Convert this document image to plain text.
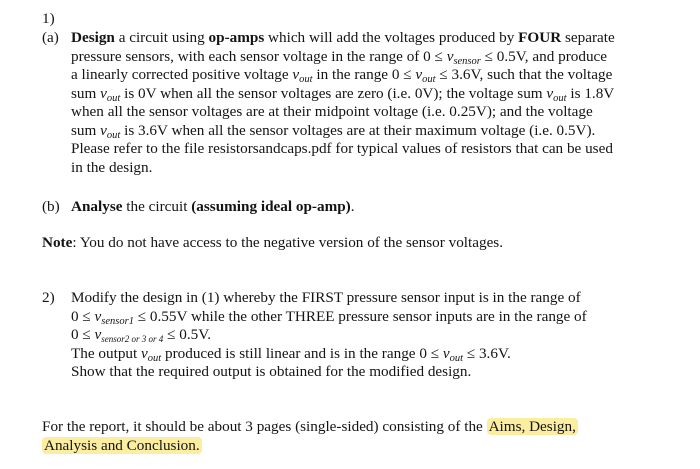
1)
(a) Design a circuit using op-amps which will add the voltages produced by FOUR separate
pressure sensors, with each sensor voltage in the range of $0 \le v_{sensor} \le 0.5V$, and produce
a linearly corrected positive voltage $v_{out}$ in the range $0 \le v_{out} \le 3.6V$, such that the voltage
sum $v_{out}$ is 0V when all the sensor voltages are zero (i.e. 0V); the voltage sum $v_{out}$ is 1.8V
when all the sensor voltages are at their midpoint voltage (i.e. 0.25V); and the voltage
sum $v_{out}$ is 3.6V when all the sensor voltages are at their maximum voltage (i.e. 0.5V).
Please refer to the file resistorsandcaps.pdf for typical values of resistors that can be used
in the design.
(b) Analyse the circuit (assuming ideal op-amp).
Note: You do not have access to the negative version of the sensor voltages.
2) Modify the design in (1) whereby the FIRST pressure sensor input is in the range of
$0 \le v_{sensor1} \le 0.55V$ while the other THREE pressure sensor inputs are in the range of
$0 \le v_{sensor2 or 3 or 4} \le 0.5V$.
The output $v_{out}$ produced is still linear and is in the range $0 \le v_{out} \le 3.6V$.
Show that the required output is obtained for the modified design.
For the report, it should be about 3 pages (single-sided) consisting of the Aims, Design,
Analysis and Conclusion.
